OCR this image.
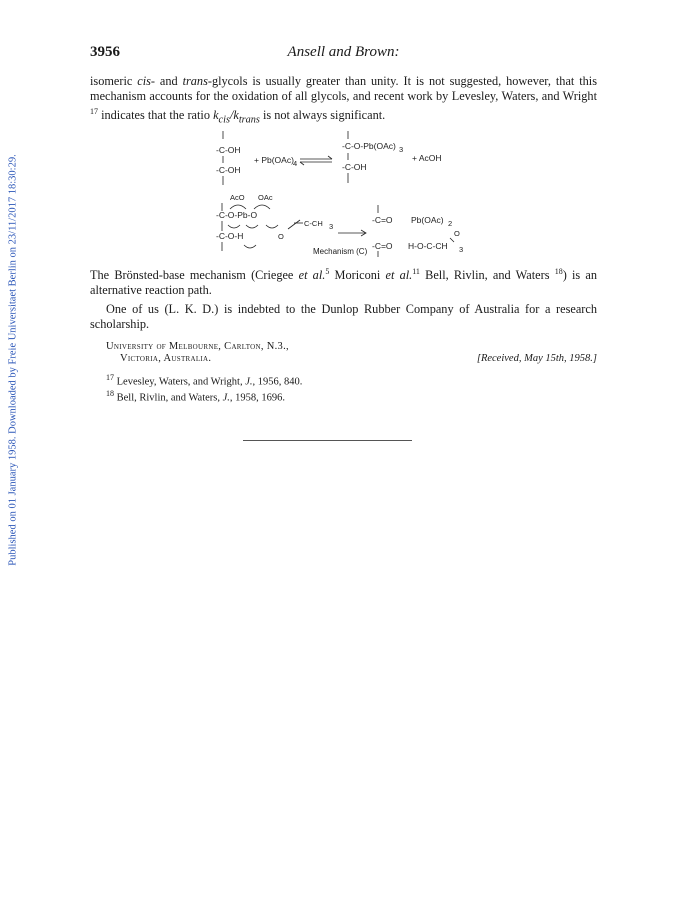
Published on 01 January 1958. Downloaded by Freie Universitaet Berlin on 23/11/2017 18:30:29.
3956	Ansell and Brown:

isomeric cis- and trans-glycols is usually greater than unity. It is not suggested, however, that this mechanism accounts for the oxidation of all glycols, and recent work by Levesley, Waters, and Wright $^{17}$ indicates that the ratio $k_{cis}/k_{trans}$ is not always significant.

-C-OH
-C-OH
+ Pb(OAc) 4
-C-O-Pb(OAc) 3
-C-OH
+ AcOH
AcO OAc
-C-O-Pb-O
C-CH 3
-C-O-H	O
-C=O Pb(OAc) 2
O
-C=O H-O-C-CH 3
Mechanism (C)

The Brönsted-base mechanism (Criegee et al.$^5$ Moriconi et al.$^{11}$ Bell, Rivlin, and Waters $^{18}$) is an alternative reaction path.

One of us (L. K. D.) is indebted to the Dunlop Rubber Company of Australia for a research scholarship.

University of Melbourne, Carlton, N.3.,
Victoria, Australia.	[Received, May 15th, 1958.]
$^{17}$ Levesley, Waters, and Wright, J., 1956, 840.
$^{18}$ Bell, Rivlin, and Waters, J., 1958, 1696.
